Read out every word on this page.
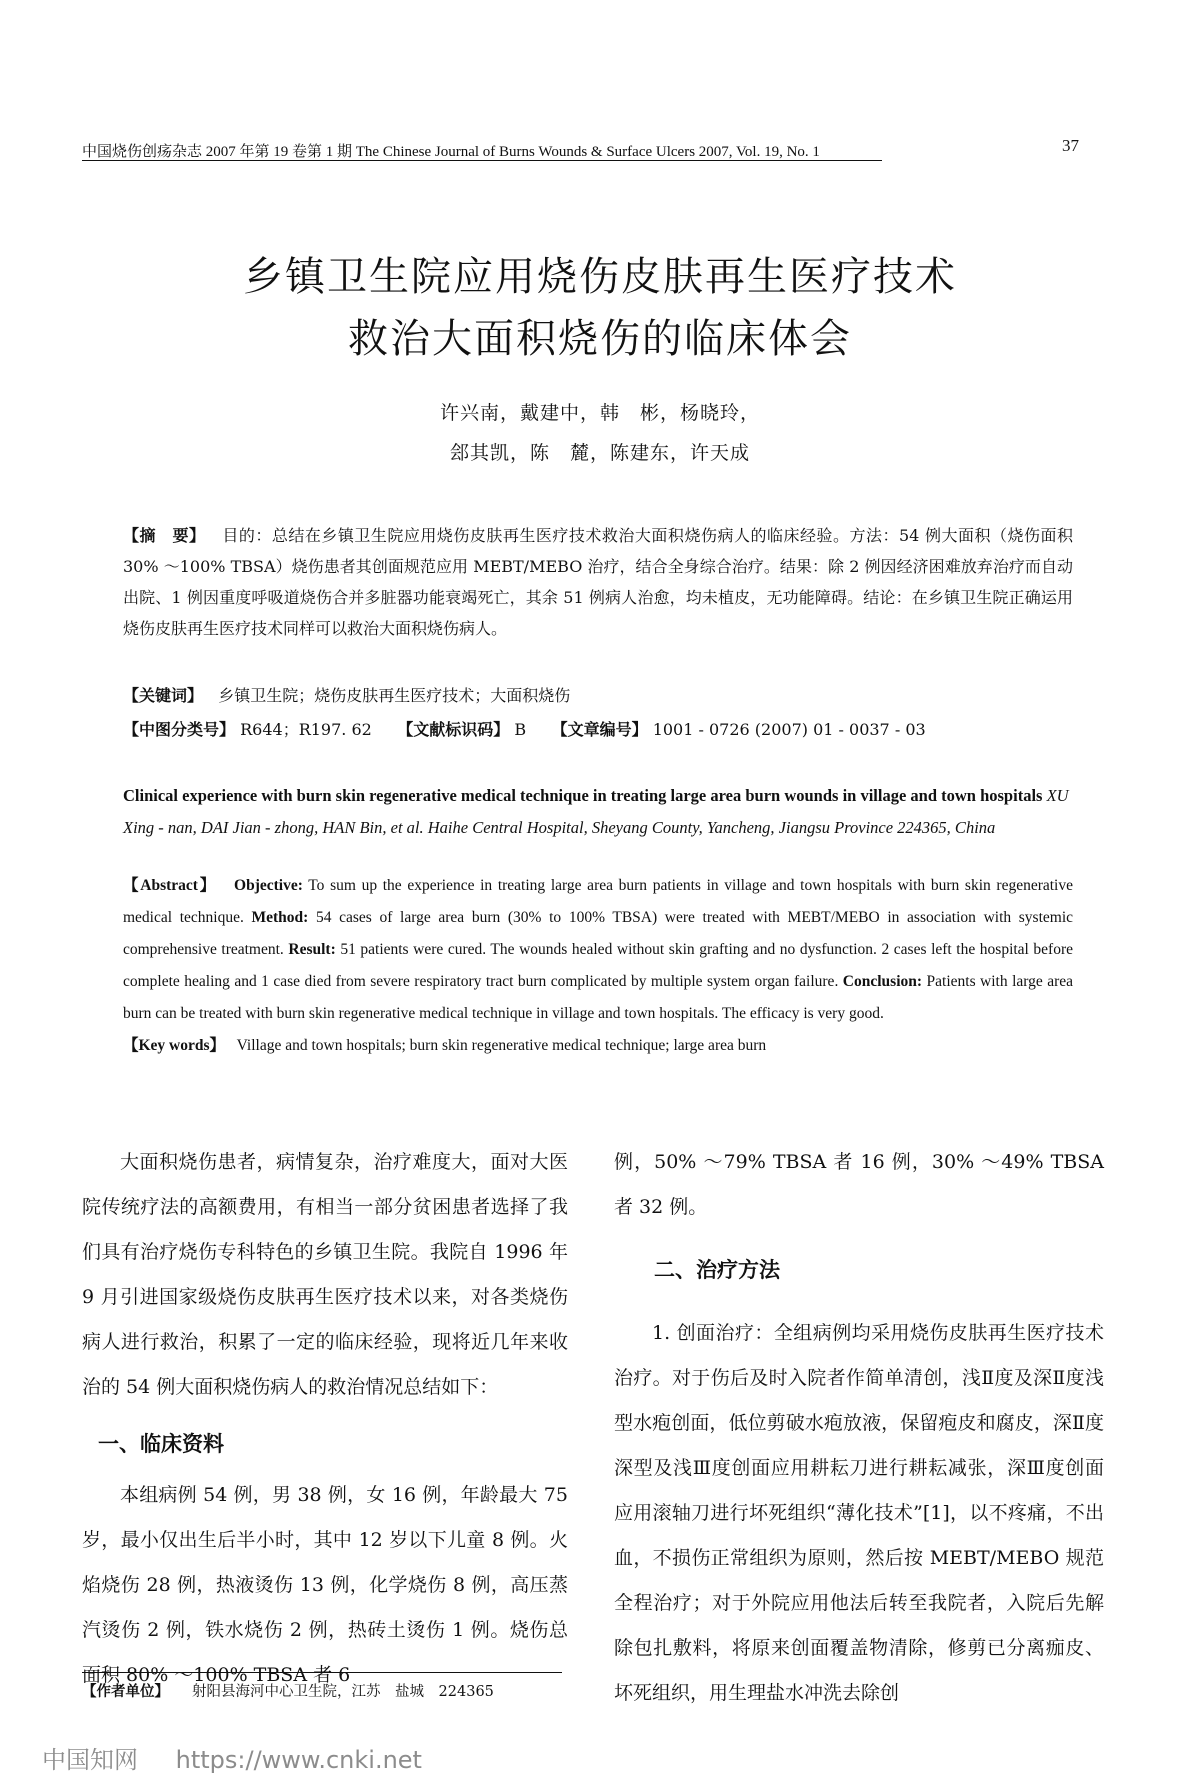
中国烧伤创疡杂志 2007 年第 19 卷第 1 期 The Chinese Journal of Burns Wounds & Surface Ulcers 2007, Vol. 19, No. 1	37
乡镇卫生院应用烧伤皮肤再生医疗技术
救治大面积烧伤的临床体会
许兴南，戴建中，韩　彬，杨晓玲，
郐其凯，陈　麓，陈建东，许天成
【摘　要】 目的：总结在乡镇卫生院应用烧伤皮肤再生医疗技术救治大面积烧伤病人的临床经验。方法：54 例大面积（烧伤面积 30% ～100% TBSA）烧伤患者其创面规范应用 MEBT/MEBO 治疗，结合全身综合治疗。结果：除 2 例因经济困难放弃治疗而自动出院、1 例因重度呼吸道烧伤合并多脏器功能衰竭死亡，其余 51 例病人治愈，均未植皮，无功能障碍。结论：在乡镇卫生院正确运用烧伤皮肤再生医疗技术同样可以救治大面积烧伤病人。
【关键词】 乡镇卫生院；烧伤皮肤再生医疗技术；大面积烧伤
【中图分类号】 R644；R197. 62 【文献标识码】 B 【文章编号】 1001 - 0726 (2007) 01 - 0037 - 03
Clinical experience with burn skin regenerative medical technique in treating large area burn wounds in village and town hospitals XU Xing - nan, DAI Jian - zhong, HAN Bin, et al. Haihe Central Hospital, Sheyang County, Yancheng, Jiangsu Province 224365, China
【Abstract】 Objective: To sum up the experience in treating large area burn patients in village and town hospitals with burn skin regenerative medical technique. Method: 54 cases of large area burn (30% to 100% TBSA) were treated with MEBT/MEBO in association with systemic comprehensive treatment. Result: 51 patients were cured. The wounds healed without skin grafting and no dysfunction. 2 cases left the hospital before complete healing and 1 case died from severe respiratory tract burn complicated by multiple system organ failure. Conclusion: Patients with large area burn can be treated with burn skin regenerative medical technique in village and town hospitals. The efficacy is very good.
【Key words】 Village and town hospitals; burn skin regenerative medical technique; large area burn

大面积烧伤患者，病情复杂，治疗难度大，面对大医院传统疗法的高额费用，有相当一部分贫困患者选择了我们具有治疗烧伤专科特色的乡镇卫生院。我院自 1996 年 9 月引进国家级烧伤皮肤再生医疗技术以来，对各类烧伤病人进行救治，积累了一定的临床经验，现将近几年来收治的 54 例大面积烧伤病人的救治情况总结如下：

一、临床资料

本组病例 54 例，男 38 例，女 16 例，年龄最大 75 岁，最小仅出生后半小时，其中 12 岁以下儿童 8 例。火焰烧伤 28 例，热液烫伤 13 例，化学烧伤 8 例，高压蒸汽烫伤 2 例，铁水烧伤 2 例，热砖土烫伤 1 例。烧伤总面积 80% ～100% TBSA 者 6

例，50% ～79% TBSA 者 16 例，30% ～49% TBSA 者 32 例。
二、治疗方法

1. 创面治疗：全组病例均采用烧伤皮肤再生医疗技术治疗。对于伤后及时入院者作简单清创，浅Ⅱ度及深Ⅱ度浅型水疱创面，低位剪破水疱放液，保留疱皮和腐皮，深Ⅱ度深型及浅Ⅲ度创面应用耕耘刀进行耕耘减张，深Ⅲ度创面应用滚轴刀进行坏死组织“薄化技术”[1]，以不疼痛，不出血，不损伤正常组织为原则，然后按 MEBT/MEBO 规范全程治疗；对于外院应用他法后转至我院者，入院后先解除包扎敷料，将原来创面覆盖物清除，修剪已分离痂皮、坏死组织，用生理盐水冲洗去除创

【作者单位】 射阳县海河中心卫生院，江苏　盐城　224365
中国知网 https://www.cnki.net
